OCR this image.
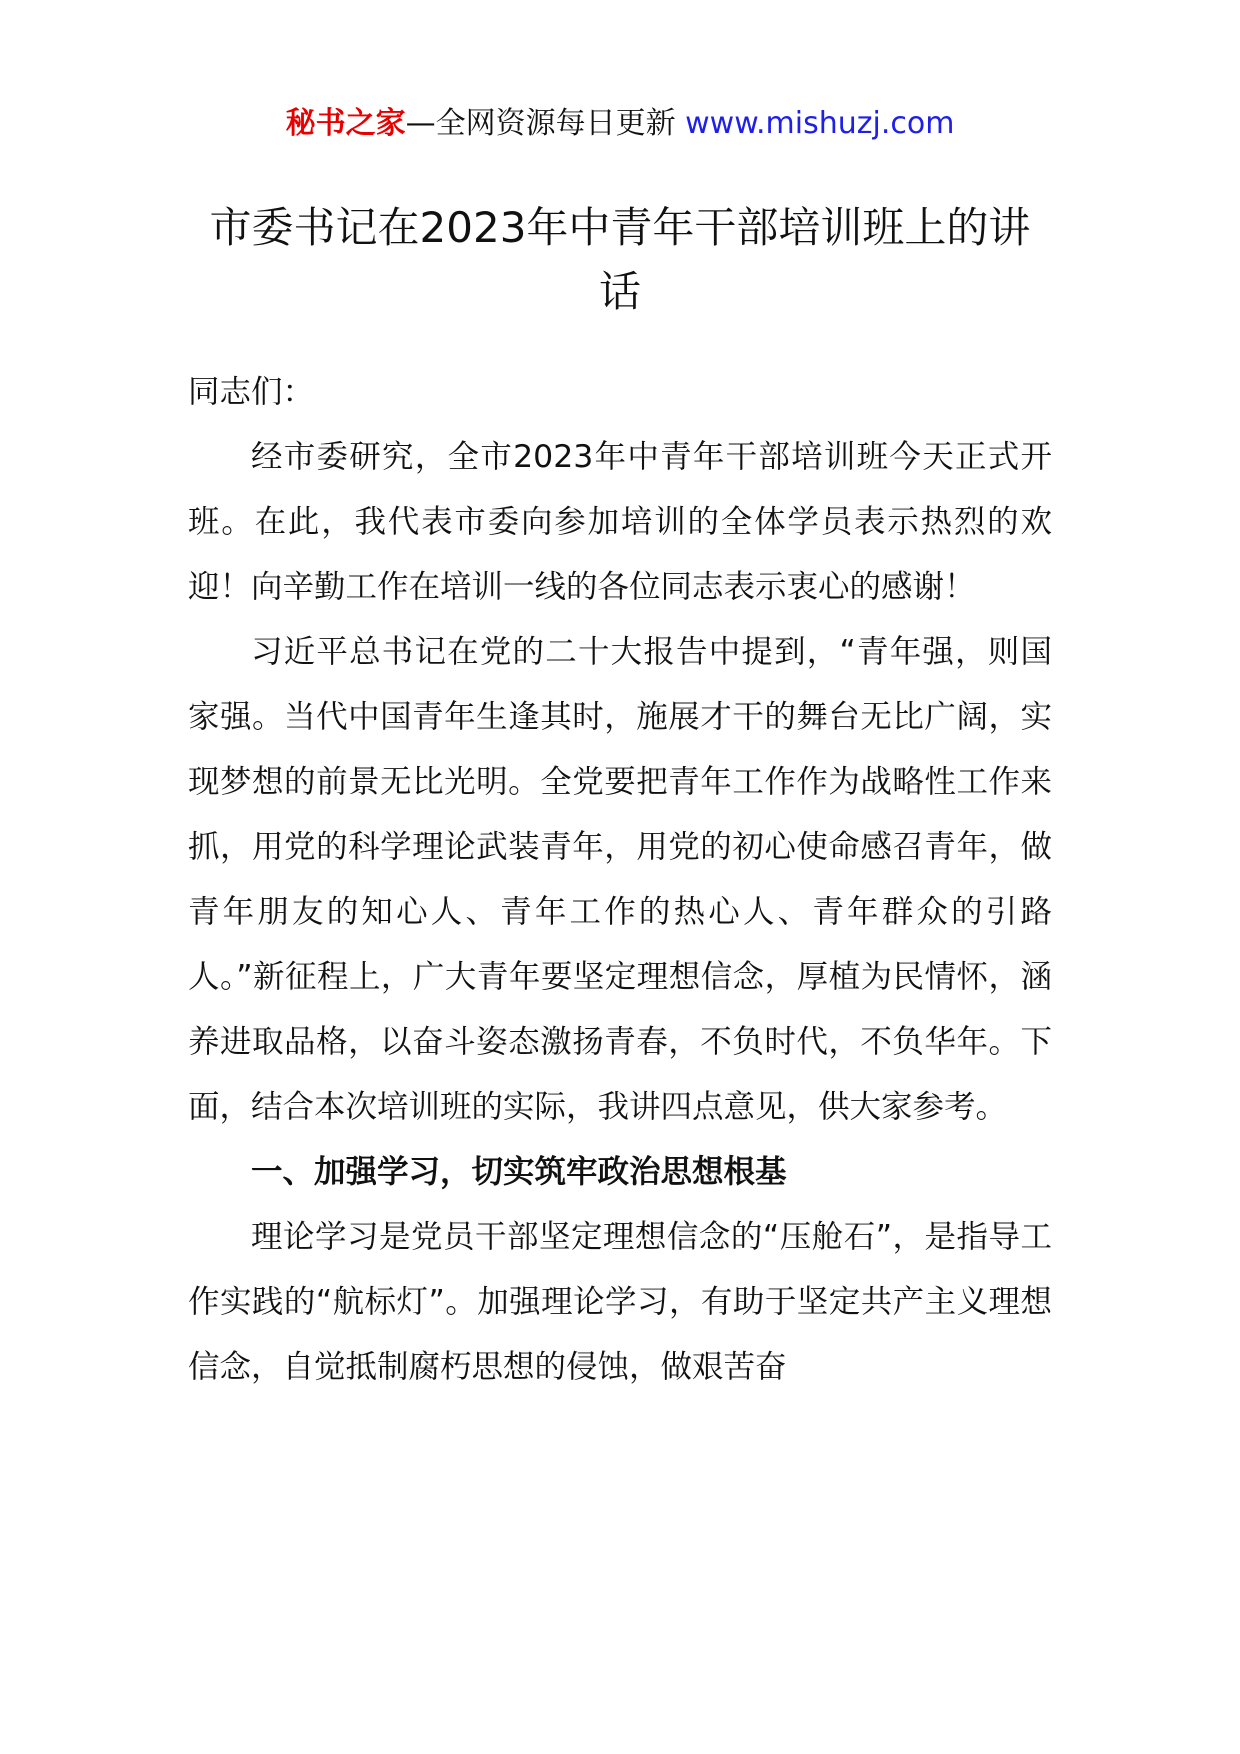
秘书之家—全网资源每日更新 www.mishuzj.com
市委书记在2023年中青年干部培训班上的讲话

同志们：

经市委研究，全市2023年中青年干部培训班今天正式开班。在此，我代表市委向参加培训的全体学员表示热烈的欢迎！向辛勤工作在培训一线的各位同志表示衷心的感谢！

习近平总书记在党的二十大报告中提到，“青年强，则国家强。当代中国青年生逢其时，施展才干的舞台无比广阔，实现梦想的前景无比光明。全党要把青年工作作为战略性工作来抓，用党的科学理论武装青年，用党的初心使命感召青年，做青年朋友的知心人、青年工作的热心人、青年群众的引路人。”新征程上，广大青年要坚定理想信念，厚植为民情怀，涵养进取品格，以奋斗姿态激扬青春，不负时代，不负华年。下面，结合本次培训班的实际，我讲四点意见，供大家参考。

一、加强学习，切实筑牢政治思想根基

理论学习是党员干部坚定理想信念的“压舱石”，是指导工作实践的“航标灯”。加强理论学习，有助于坚定共产主义理想信念，自觉抵制腐朽思想的侵蚀，做艰苦奋
